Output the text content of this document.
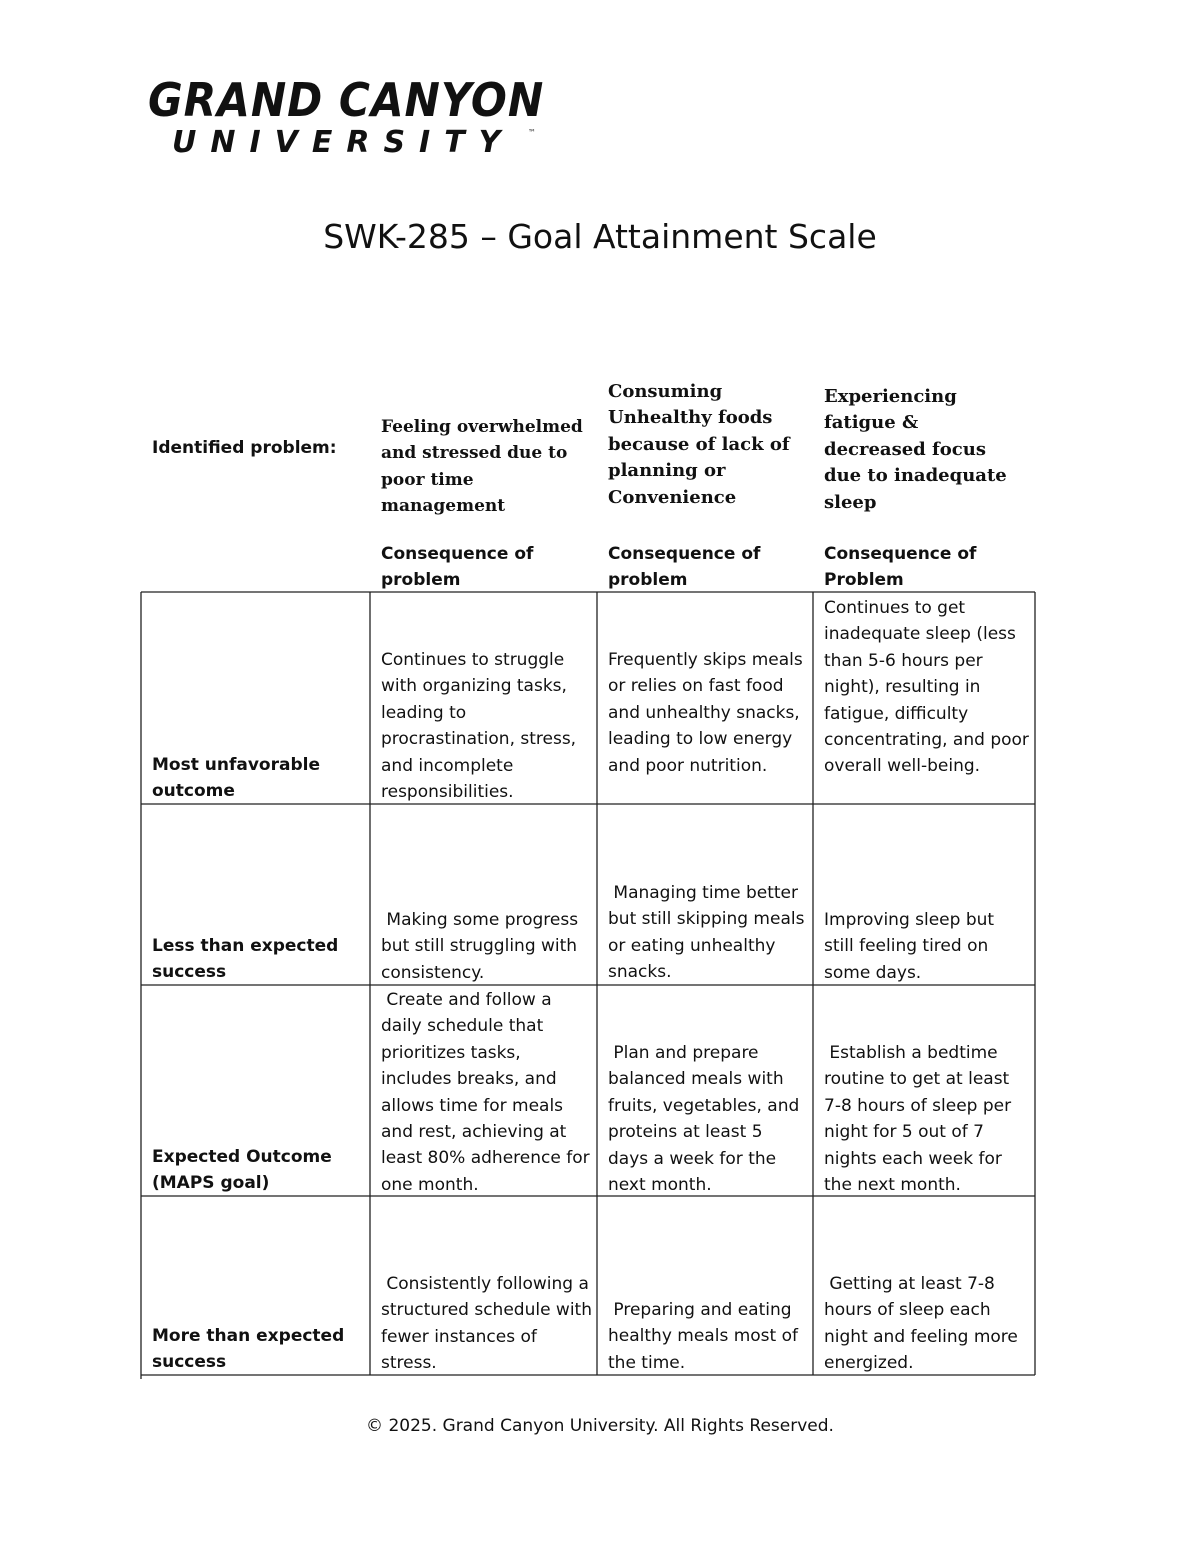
GRAND CANYON
UNIVERSITY ™
SWK-285 – Goal Attainment Scale
Identified problem:
Feeling overwhelmed and stressed due to poor time management
Consuming Unhealthy foods because of lack of planning or Convenience
Experiencing fatigue & decreased focus due to inadequate sleep
Consequence of problem
Consequence of problem
Consequence of Problem
Most unfavorable outcome
Continues to struggle with organizing tasks, leading to procrastination, stress, and incomplete responsibilities.
Frequently skips meals or relies on fast food and unhealthy snacks, leading to low energy and poor nutrition.
Continues to get inadequate sleep (less than 5-6 hours per night), resulting in fatigue, difficulty concentrating, and poor overall well-being.
Less than expected success
Making some progress but still struggling with consistency.
Managing time better but still skipping meals or eating unhealthy snacks.
Improving sleep but still feeling tired on some days.
Expected Outcome (MAPS goal)
Create and follow a daily schedule that prioritizes tasks, includes breaks, and allows time for meals and rest, achieving at least 80% adherence for one month.
Plan and prepare balanced meals with fruits, vegetables, and proteins at least 5 days a week for the next month.
Establish a bedtime routine to get at least 7-8 hours of sleep per night for 5 out of 7 nights each week for the next month.
More than expected success
Consistently following a structured schedule with fewer instances of stress.
Preparing and eating healthy meals most of the time.
Getting at least 7-8 hours of sleep each night and feeling more energized.
© 2025. Grand Canyon University. All Rights Reserved.
